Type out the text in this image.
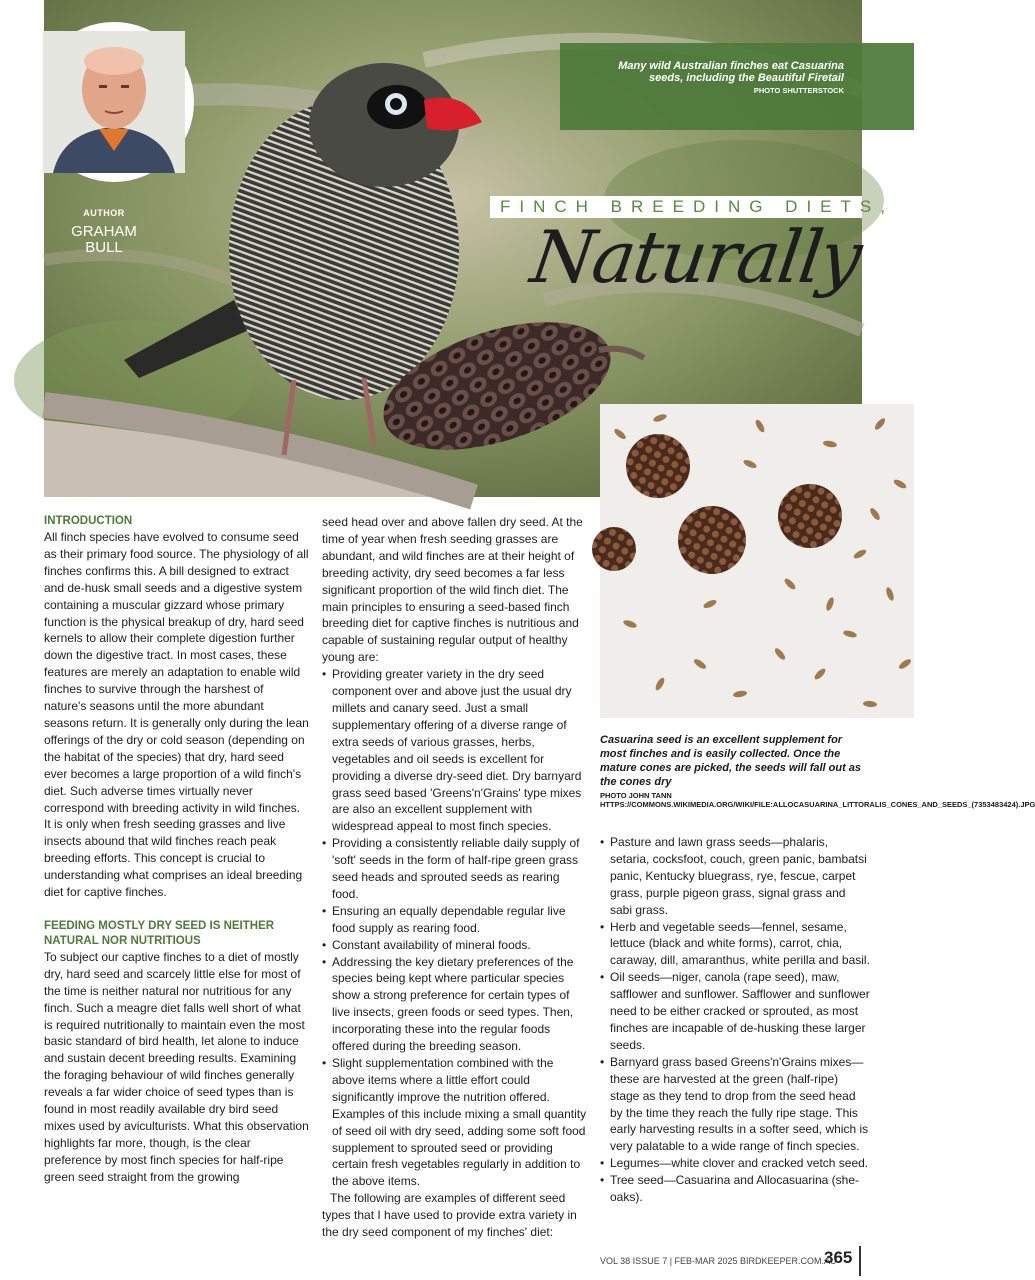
AUTHOR
GRAHAM
BULL
Many wild Australian finches eat Casuarina seeds, including the Beautiful Firetail
PHOTO SHUTTERSTOCK
FINCH BREEDING DIETS,
Naturally
Casuarina seed is an excellent supplement for most finches and is easily collected. Once the mature cones are picked, the seeds will fall out as the cones dry
PHOTO JOHN TANN HTTPS://COMMONS.WIKIMEDIA.ORG/WIKI/FILE:ALLOCASUARINA_LITTORALIS_CONES_AND_SEEDS_(7353483424).JPG
INTRODUCTION

All finch species have evolved to consume seed as their primary food source. The physiology of all finches confirms this. A bill designed to extract and de-husk small seeds and a digestive system containing a muscular gizzard whose primary function is the physical breakup of dry, hard seed kernels to allow their complete digestion further down the digestive tract. In most cases, these features are merely an adaptation to enable wild finches to survive through the harshest of nature's seasons until the more abundant seasons return. It is generally only during the lean offerings of the dry or cold season (depending on the habitat of the species) that dry, hard seed ever becomes a large proportion of a wild finch's diet. Such adverse times virtually never correspond with breeding activity in wild finches. It is only when fresh seeding grasses and live insects abound that wild finches reach peak breeding efforts. This concept is crucial to understanding what comprises an ideal breeding diet for captive finches.

FEEDING MOSTLY DRY SEED IS NEITHER NATURAL NOR NUTRITIOUS

To subject our captive finches to a diet of mostly dry, hard seed and scarcely little else for most of the time is neither natural nor nutritious for any finch. Such a meagre diet falls well short of what is required nutritionally to maintain even the most basic standard of bird health, let alone to induce and sustain decent breeding results. Examining the foraging behaviour of wild finches generally reveals a far wider choice of seed types than is found in most readily available dry bird seed mixes used by aviculturists. What this observation highlights far more, though, is the clear preference by most finch species for half-ripe green seed straight from the growing

seed head over and above fallen dry seed. At the time of year when fresh seeding grasses are abundant, and wild finches are at their height of breeding activity, dry seed becomes a far less significant proportion of the wild finch diet. The main principles to ensuring a seed-based finch breeding diet for captive finches is nutritious and capable of sustaining regular output of healthy young are:

• Providing greater variety in the dry seed component over and above just the usual dry millets and canary seed. Just a small supplementary offering of a diverse range of extra seeds of various grasses, herbs, vegetables and oil seeds is excellent for providing a diverse dry-seed diet. Dry barnyard grass seed based 'Greens'n'Grains' type mixes are also an excellent supplement with widespread appeal to most finch species.
• Providing a consistently reliable daily supply of 'soft' seeds in the form of half-ripe green grass seed heads and sprouted seeds as rearing food.
• Ensuring an equally dependable regular live food supply as rearing food.
• Constant availability of mineral foods.
• Addressing the key dietary preferences of the species being kept where particular species show a strong preference for certain types of live insects, green foods or seed types. Then, incorporating these into the regular foods offered during the breeding season.
• Slight supplementation combined with the above items where a little effort could significantly improve the nutrition offered. Examples of this include mixing a small quantity of seed oil with dry seed, adding some soft food supplement to sprouted seed or providing certain fresh vegetables regularly in addition to the above items.

The following are examples of different seed types that I have used to provide extra variety in the dry seed component of my finches' diet:

• Pasture and lawn grass seeds—phalaris, setaria, cocksfoot, couch, green panic, bambatsi panic, Kentucky bluegrass, rye, fescue, carpet grass, purple pigeon grass, signal grass and sabi grass.
• Herb and vegetable seeds—fennel, sesame, lettuce (black and white forms), carrot, chia, caraway, dill, amaranthus, white perilla and basil.
• Oil seeds—niger, canola (rape seed), maw, safflower and sunflower. Safflower and sunflower need to be either cracked or sprouted, as most finches are incapable of de-husking these larger seeds.
• Barnyard grass based Greens'n'Grains mixes—these are harvested at the green (half-ripe) stage as they tend to drop from the seed head by the time they reach the fully ripe stage. This early harvesting results in a softer seed, which is very palatable to a wide range of finch species.
• Legumes—white clover and cracked vetch seed.
• Tree seed—Casuarina and Allocasuarina (she-oaks).
VOL 38 ISSUE 7 | FEB-MAR 2025 BIRDKEEPER.COM.AU
365
